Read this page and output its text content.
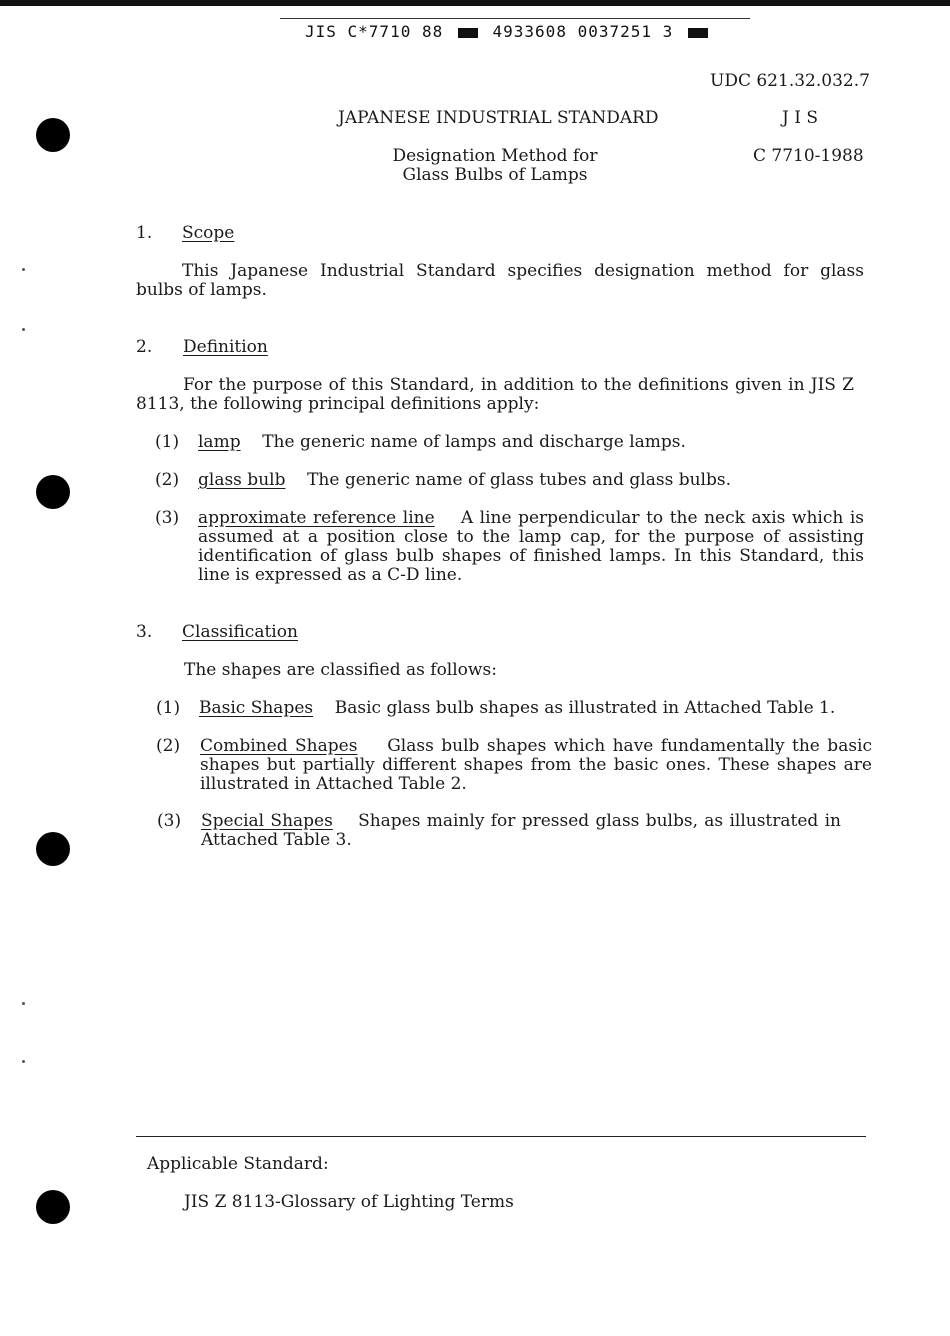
JIS C*7710 88	4933608 0037251 3
UDC 621.32.032.7
JAPANESE INDUSTRIAL STANDARD	J I S
Designation Method for
Glass Bulbs of Lamps
C 7710-1988
1. Scope
This Japanese Industrial Standard specifies designation method for glass bulbs of lamps.
2. Definition
For the purpose of this Standard, in addition to the definitions given in JIS Z 8113, the following principal definitions apply:
(1) lamp The generic name of lamps and discharge lamps.
(2) glass bulb The generic name of glass tubes and glass bulbs.
(3) approximate reference line A line perpendicular to the neck axis which is assumed at a position close to the lamp cap, for the purpose of assisting identification of glass bulb shapes of finished lamps. In this Standard, this line is expressed as a C-D line.
3. Classification
The shapes are classified as follows:
(1) Basic Shapes Basic glass bulb shapes as illustrated in Attached Table 1.
(2) Combined Shapes Glass bulb shapes which have fundamentally the basic shapes but partially different shapes from the basic ones. These shapes are illustrated in Attached Table 2.
(3) Special Shapes Shapes mainly for pressed glass bulbs, as illustrated in Attached Table 3.
Applicable Standard:
JIS Z 8113-Glossary of Lighting Terms
